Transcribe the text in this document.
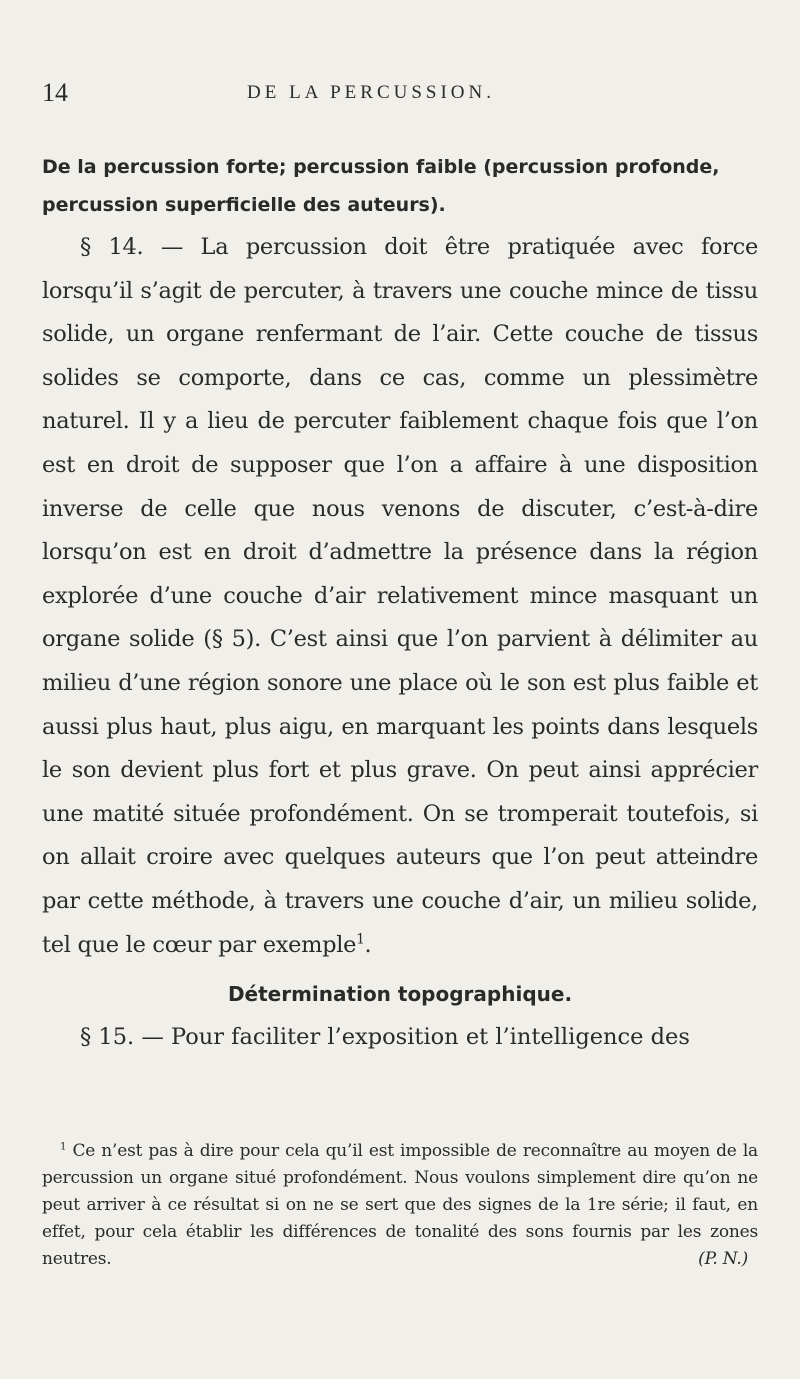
14	DE LA PERCUSSION.

De la percussion forte; percussion faible (percussion profonde, percussion superficielle des auteurs).

§ 14. — La percussion doit être pratiquée avec force lorsqu’il s’agit de percuter, à travers une couche mince de tissu solide, un organe renfermant de l’air. Cette couche de tissus solides se comporte, dans ce cas, comme un plessimètre naturel. Il y a lieu de percuter faiblement chaque fois que l’on est en droit de supposer que l’on a affaire à une disposition inverse de celle que nous venons de discuter, c’est-à-dire lorsqu’on est en droit d’admettre la présence dans la région explorée d’une couche d’air relativement mince masquant un organe solide (§ 5). C’est ainsi que l’on parvient à délimiter au milieu d’une région sonore une place où le son est plus faible et aussi plus haut, plus aigu, en marquant les points dans lesquels le son devient plus fort et plus grave. On peut ainsi apprécier une matité située profondément. On se tromperait toutefois, si on allait croire avec quelques auteurs que l’on peut atteindre par cette méthode, à travers une couche d’air, un milieu solide, tel que le cœur par exemple$^1$.

Détermination topographique.

§ 15. — Pour faciliter l’exposition et l’intelligence des

$^1$ Ce n’est pas à dire pour cela qu’il est impossible de reconnaître au moyen de la percussion un organe situé profondément. Nous voulons simplement dire qu’on ne peut arriver à ce résultat si on ne se sert que des signes de la 1re série; il faut, en effet, pour cela établir les différences de tonalité des sons fournis par les zones neutres.	(P. N.)
